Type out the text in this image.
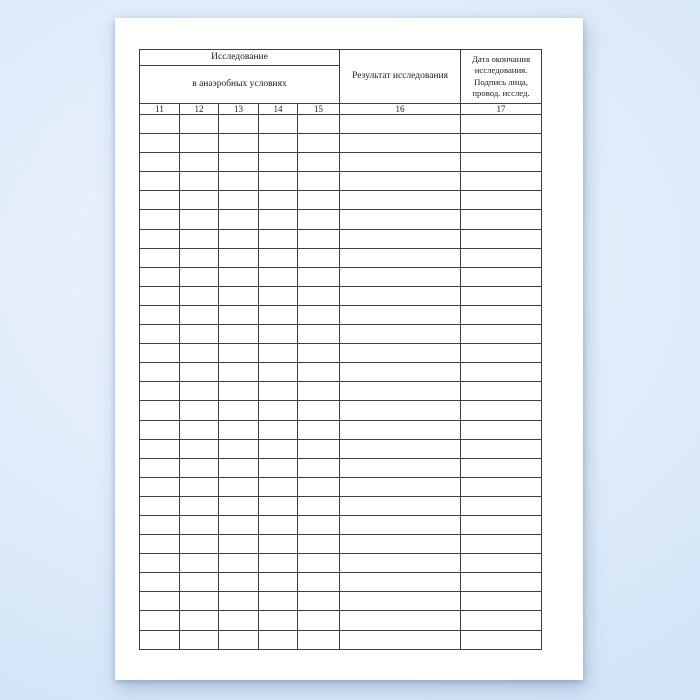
Исследование					Результат исследования	Дата окончания исследования. Подпись лица, провод. исслед.
в анаэробных условиях						
11	12	13	14	15	16	17
